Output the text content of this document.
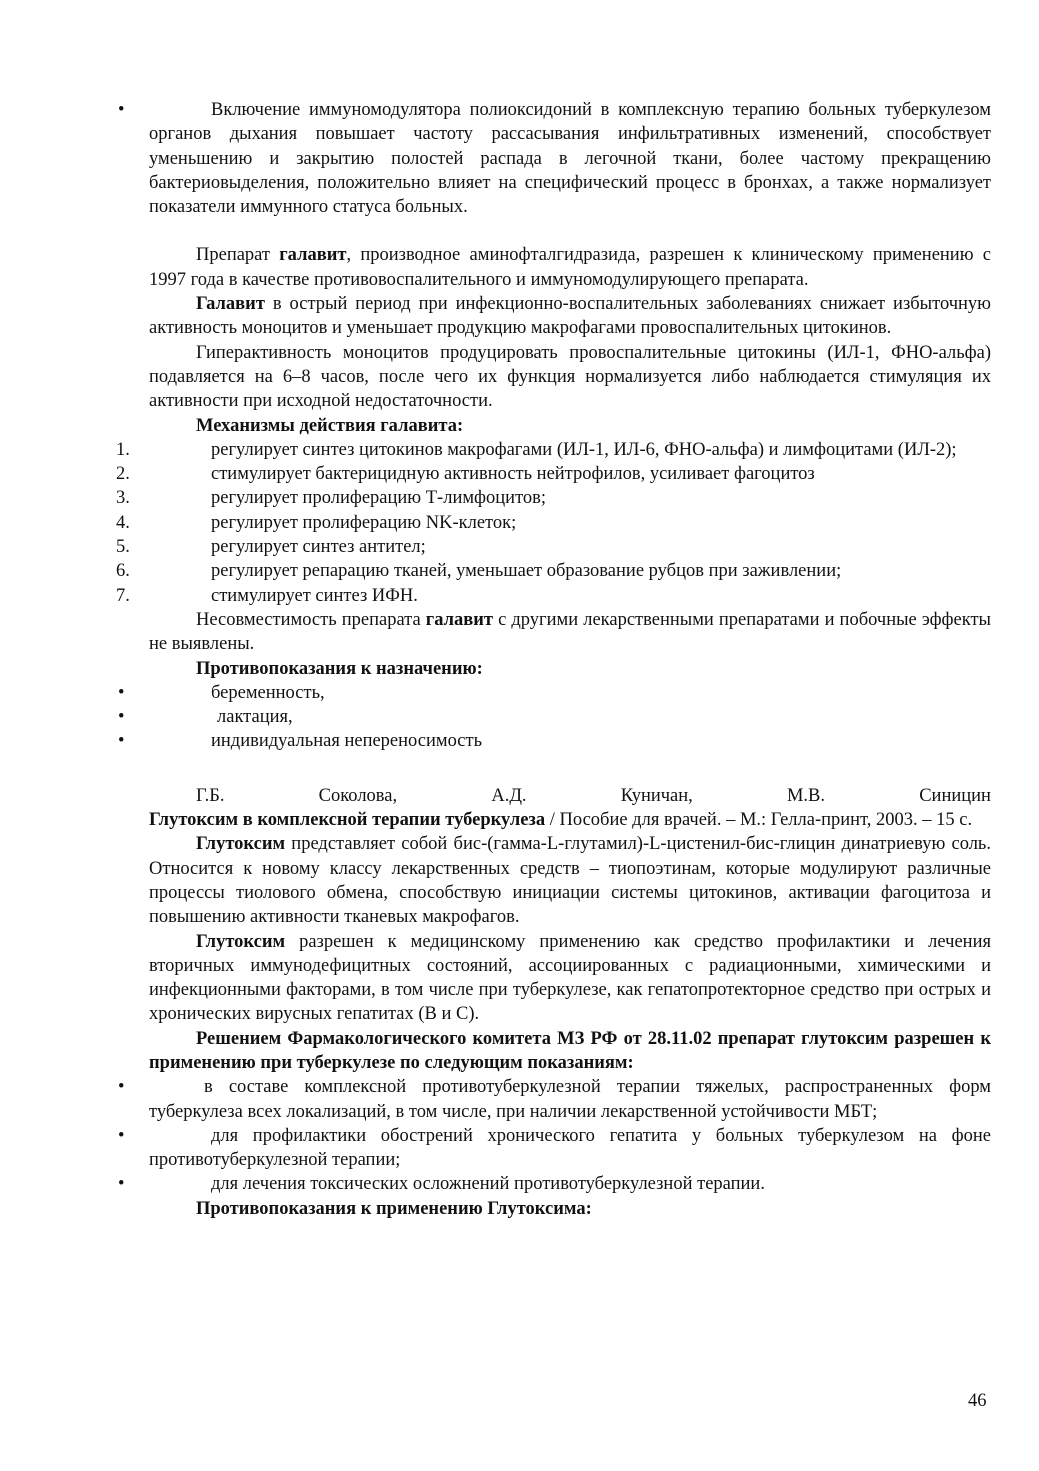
•	Включение иммуномодулятора полиоксидоний в комплексную терапию больных туберкулезом органов дыхания повышает частоту рассасывания инфильтративных изменений, способствует уменьшению и закрытию полостей распада в легочной ткани, более частому прекращению бактериовыделения, положительно влияет на специфический процесс в бронхах, а также нормализует показатели иммунного статуса больных.

Препарат галавит, производное аминофталгидразида, разрешен к клиническому применению с 1997 года в качестве противовоспалительного и иммуномодулирующего препарата.

Галавит в острый период при инфекционно-воспалительных заболеваниях снижает избыточную активность моноцитов и уменьшает продукцию макрофагами провоспалительных цитокинов.

Гиперактивность моноцитов продуцировать провоспалительные цитокины (ИЛ-1, ФНО-альфа) подавляется на 6–8 часов, после чего их функция нормализуется либо наблюдается стимуляция их активности при исходной недостаточности.

Механизмы действия галавита:

1.	регулирует синтез цитокинов макрофагами (ИЛ-1, ИЛ-6, ФНО-альфа) и лимфоцитами (ИЛ-2);
2.	стимулирует бактерицидную активность нейтрофилов, усиливает фагоцитоз
3.	регулирует пролиферацию Т-лимфоцитов;
4.	регулирует пролиферацию NK-клеток;
5.	регулирует синтез антител;
6.	регулирует репарацию тканей, уменьшает образование рубцов при заживлении;
7.	стимулирует синтез ИФН.

Несовместимость препарата галавит с другими лекарственными препаратами и побочные эффекты не выявлены.

Противопоказания к назначению:

•	беременность,
•	лактация,
•	индивидуальная непереносимость
Г.Б.	Соколова,	А.Д.	Куничан,	М.В.	Синицин

Глутоксим в комплексной терапии туберкулеза / Пособие для врачей. – М.: Гелла-принт, 2003. – 15 с.

Глутоксим представляет собой бис-(гамма-L-глутамил)-L-цистенил-бис-глицин динатриевую соль. Относится к новому классу лекарственных средств – тиопоэтинам, которые модулируют различные процессы тиолового обмена, способствую инициации системы цитокинов, активации фагоцитоза и повышению активности тканевых макрофагов.

Глутоксим разрешен к медицинскому применению как средство профилактики и лечения вторичных иммунодефицитных состояний, ассоциированных с радиационными, химическими и инфекционными факторами, в том числе при туберкулезе, как гепатопротекторное средство при острых и хронических вирусных гепатитах (В и С).

Решением Фармакологического комитета МЗ РФ от 28.11.02 препарат глутоксим разрешен к применению при туберкулезе по следующим показаниям:

•	в составе комплексной противотуберкулезной терапии тяжелых, распространенных форм туберкулеза всех локализаций, в том числе, при наличии лекарственной устойчивости МБТ;
•	для профилактики обострений хронического гепатита у больных туберкулезом на фоне противотуберкулезной терапии;
•	для лечения токсических осложнений противотуберкулезной терапии.

Противопоказания к применению Глутоксима:

46
